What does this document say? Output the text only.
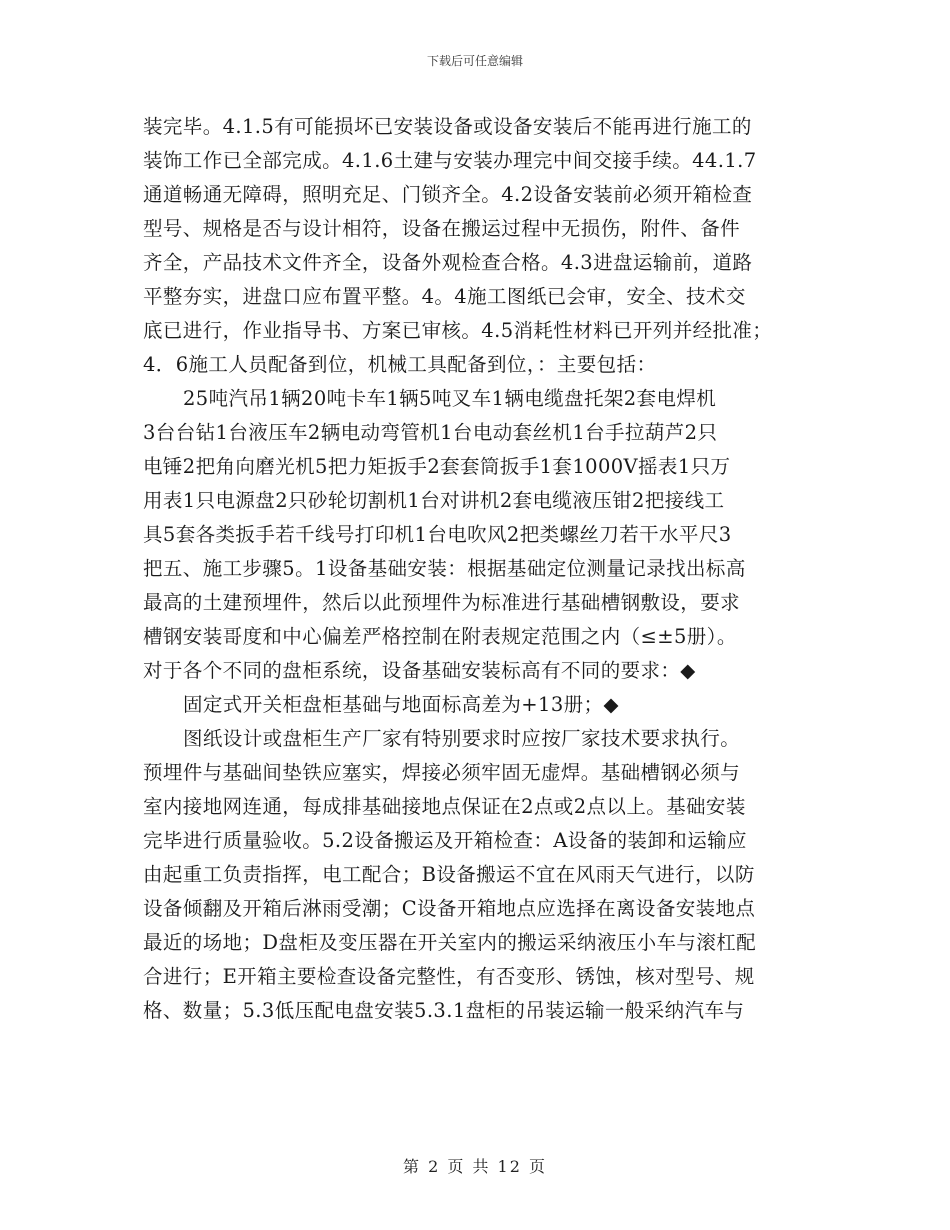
下载后可任意编辑
装完毕。4.1.5有可能损坏已安装设备或设备安装后不能再进行施工的
装饰工作已全部完成。4.1.6土建与安装办理完中间交接手续。44.1.7
通道畅通无障碍，照明充足、门锁齐全。4.2设备安装前必须开箱检查
型号、规格是否与设计相符，设备在搬运过程中无损伤，附件、备件
齐全，产品技术文件齐全，设备外观检查合格。4.3进盘运输前，道路
平整夯实，进盘口应布置平整。4。4施工图纸已会审，安全、技术交
底已进行，作业指导书、方案已审核。4.5消耗性材料已开列并经批准；
4．6施工人员配备到位，机械工具配备到位，：主要包括：
25吨汽吊1辆20吨卡车1辆5吨叉车1辆电缆盘托架2套电焊机
3台台钻1台液压车2辆电动弯管机1台电动套丝机1台手拉葫芦2只
电锤2把角向磨光机5把力矩扳手2套套筒扳手1套1000V摇表1只万
用表1只电源盘2只砂轮切割机1台对讲机2套电缆液压钳2把接线工
具5套各类扳手若千线号打印机1台电吹风2把类螺丝刀若干水平尺3
把五、施工步骤5。1设备基础安装：根据基础定位测量记录找出标高
最高的土建预埋件，然后以此预埋件为标准进行基础槽钢敷设，要求
槽钢安装哥度和中心偏差严格控制在附表规定范围之内（≤±5册）。
对于各个不同的盘柜系统，设备基础安装标高有不同的要求：◆
固定式开关柜盘柜基础与地面标高差为+13册；◆
图纸设计或盘柜生产厂家有特别要求时应按厂家技术要求执行。
预埋件与基础间垫铁应塞实，焊接必须牢固无虚焊。基础槽钢必须与
室内接地网连通，每成排基础接地点保证在2点或2点以上。基础安装
完毕进行质量验收。5.2设备搬运及开箱检查：A设备的装卸和运输应
由起重工负责指挥，电工配合；B设备搬运不宜在风雨天气进行，以防
设备倾翻及开箱后淋雨受潮；C设备开箱地点应选择在离设备安装地点
最近的场地；D盘柜及变压器在开关室内的搬运采纳液压小车与滚杠配
合进行；E开箱主要检查设备完整性，有否变形、锈蚀，核对型号、规
格、数量；5.3低压配电盘安装5.3.1盘柜的吊装运输一般采纳汽车与
第 2 页 共 12 页
